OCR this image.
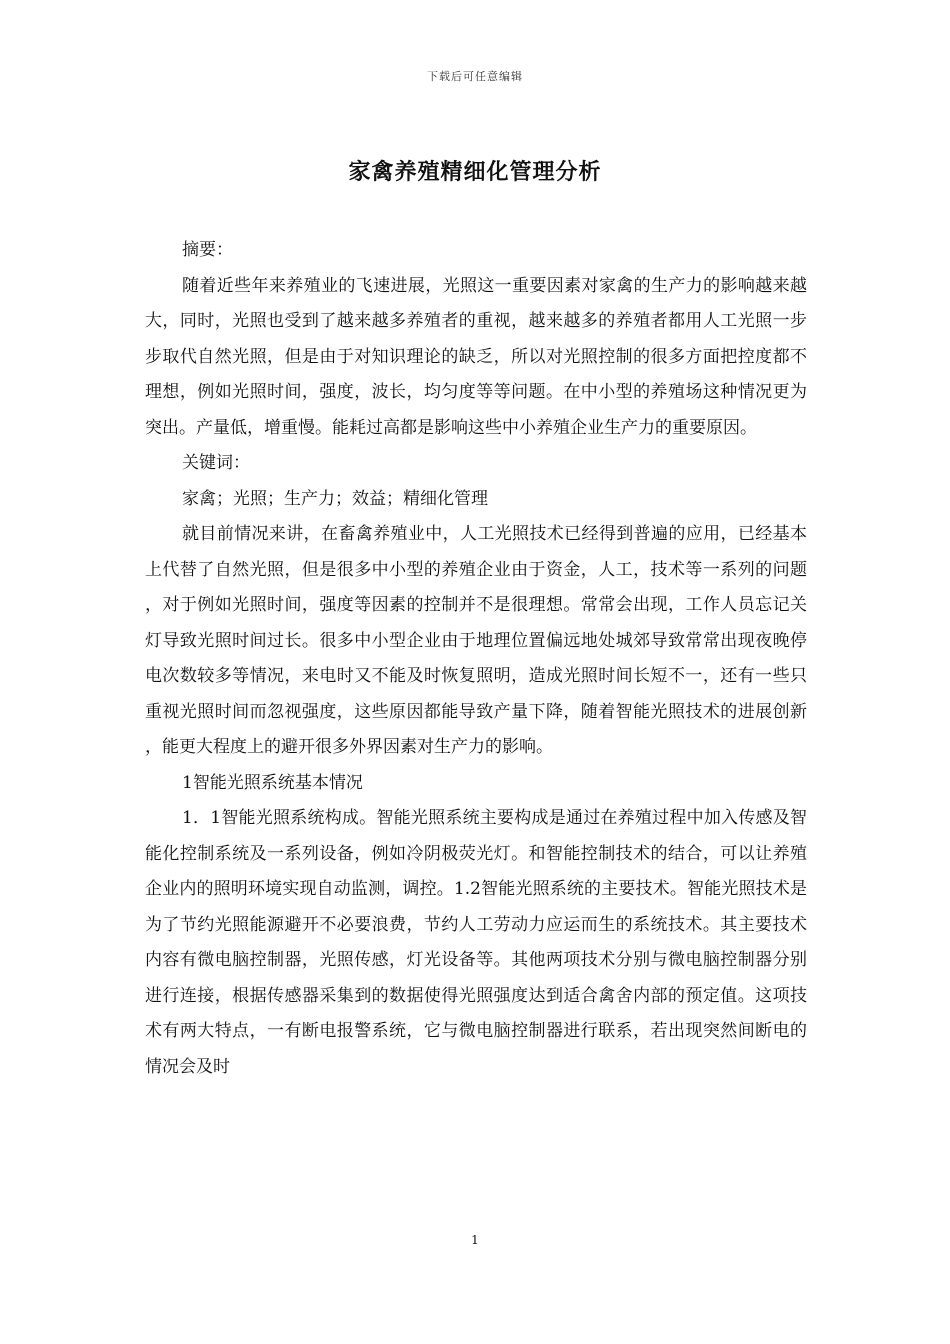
下载后可任意编辑
家禽养殖精细化管理分析

摘要：

随着近些年来养殖业的飞速进展，光照这一重要因素对家禽的生产力的影响越来越大，同时，光照也受到了越来越多养殖者的重视，越来越多的养殖者都用人工光照一步步取代自然光照，但是由于对知识理论的缺乏，所以对光照控制的很多方面把控度都不理想，例如光照时间，强度，波长，均匀度等等问题。在中小型的养殖场这种情况更为突出。产量低，增重慢。能耗过高都是影响这些中小养殖企业生产力的重要原因。

关键词：

家禽；光照；生产力；效益；精细化管理

就目前情况来讲，在畜禽养殖业中，人工光照技术已经得到普遍的应用，已经基本上代替了自然光照，但是很多中小型的养殖企业由于资金，人工，技术等一系列的问题，对于例如光照时间，强度等因素的控制并不是很理想。常常会出现，工作人员忘记关灯导致光照时间过长。很多中小型企业由于地理位置偏远地处城郊导致常常出现夜晚停电次数较多等情况，来电时又不能及时恢复照明，造成光照时间长短不一，还有一些只重视光照时间而忽视强度，这些原因都能导致产量下降，随着智能光照技术的进展创新，能更大程度上的避开很多外界因素对生产力的影响。

1智能光照系统基本情况

1．1智能光照系统构成。智能光照系统主要构成是通过在养殖过程中加入传感及智能化控制系统及一系列设备，例如冷阴极荧光灯。和智能控制技术的结合，可以让养殖企业内的照明环境实现自动监测，调控。1.2智能光照系统的主要技术。智能光照技术是为了节约光照能源避开不必要浪费，节约人工劳动力应运而生的系统技术。其主要技术内容有微电脑控制器，光照传感，灯光设备等。其他两项技术分别与微电脑控制器分别进行连接，根据传感器采集到的数据使得光照强度达到适合禽舍内部的预定值。这项技术有两大特点，一有断电报警系统，它与微电脑控制器进行联系，若出现突然间断电的情况会及时

1
